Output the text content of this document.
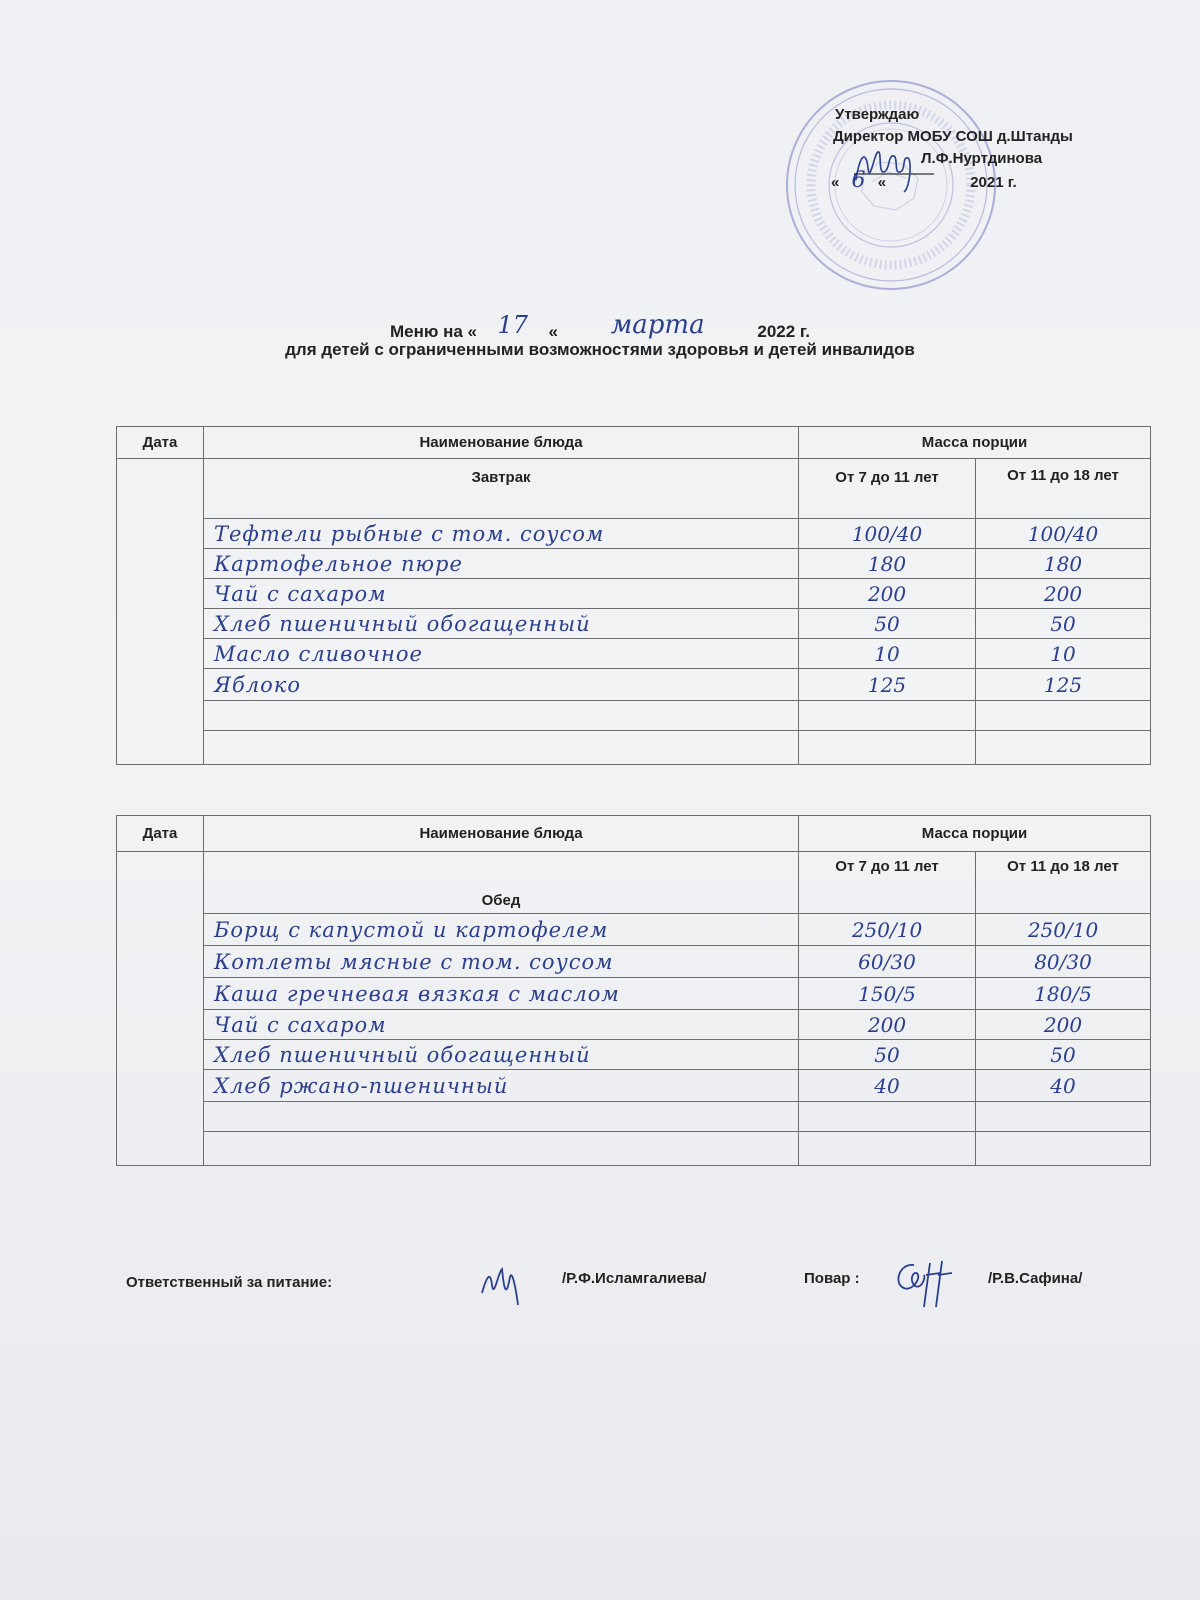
Утверждаю
Директор МОБУ СОШ д.Штанды
Л.Ф.Нуртдинова
« 6 «	2021 г.
Меню на « 17 « марта	2022 г.
для детей с ограниченными возможностями здоровья и детей инвалидов
Дата	Наименование блюда	Масса порции	
	Завтрак	От 7 до 11 лет	От 11 до 18 лет
	Тефтели рыбные с том. соусом	100/40	100/40
	Картофельное пюре	180	180
	Чай с сахаром	200	200
	Хлеб пшеничный обогащенный	50	50
	Масло сливочное	10	10
	Яблоко	125	125

Дата	Наименование блюда	Масса порции	
	Обед	От 7 до 11 лет	От 11 до 18 лет
	Борщ с капустой и картофелем	250/10	250/10
	Котлеты мясные с том. соусом	60/30	80/30
	Каша гречневая вязкая с маслом	150/5	180/5
	Чай с сахаром	200	200
	Хлеб пшеничный обогащенный	50	50
	Хлеб ржано-пшеничный	40	40

Ответственный за питание:	/Р.Ф.Исламгалиева/	Повар :	/Р.В.Сафина/
